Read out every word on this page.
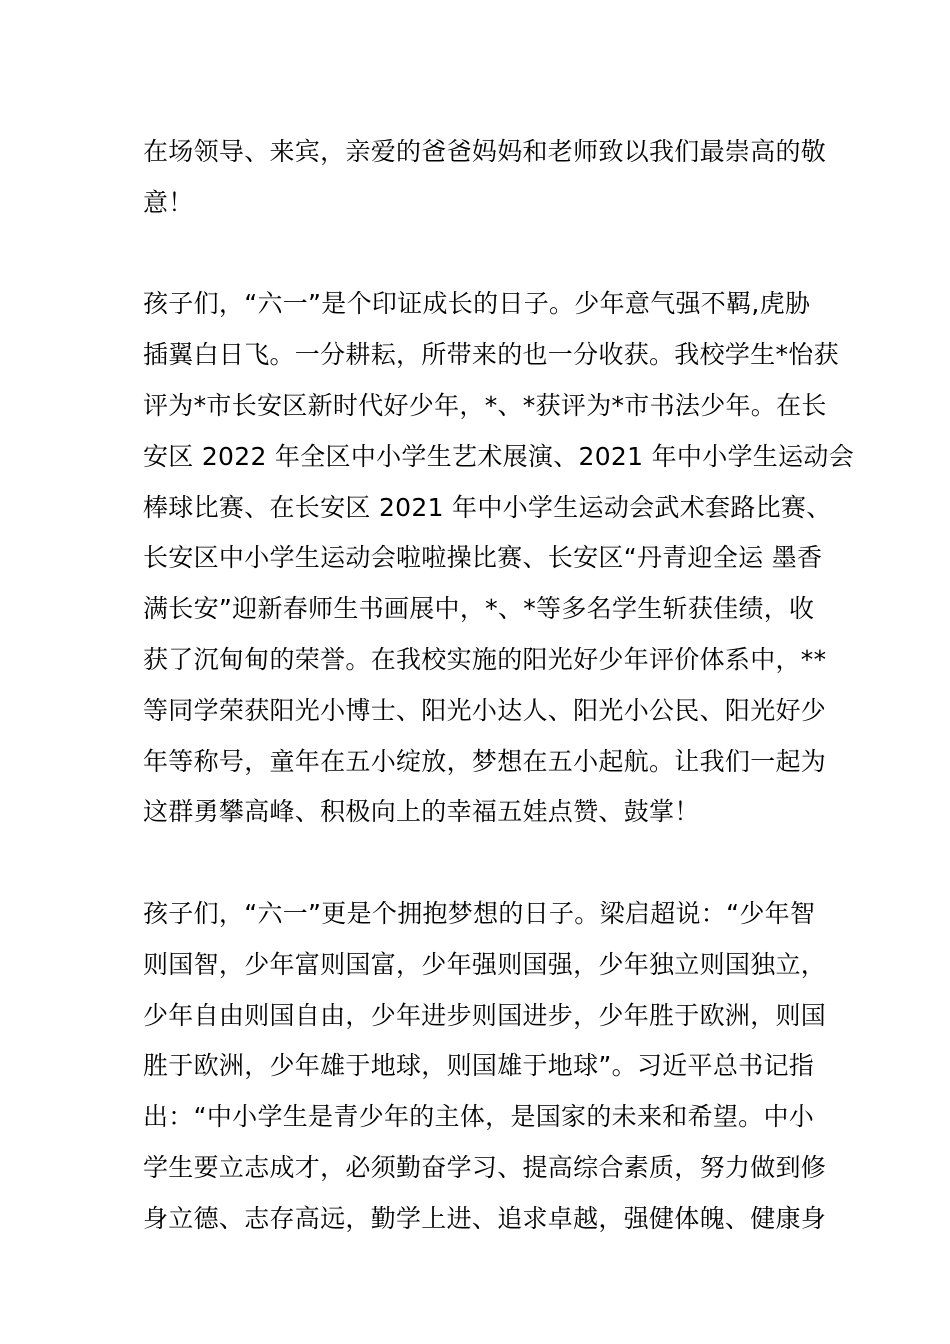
在场领导、来宾，亲爱的爸爸妈妈和老师致以我们最崇高的敬
意！
孩子们，“六一”是个印证成长的日子。少年意气强不羁,虎胁
插翼白日飞。一分耕耘，所带来的也一分收获。我校学生*怡获
评为*市长安区新时代好少年，*、*获评为*市书法少年。在长
安区 2022 年全区中小学生艺术展演、2021 年中小学生运动会
棒球比赛、在长安区 2021 年中小学生运动会武术套路比赛、
长安区中小学生运动会啦啦操比赛、长安区“丹青迎全运 墨香
满长安”迎新春师生书画展中，*、*等多名学生斩获佳绩，收
获了沉甸甸的荣誉。在我校实施的阳光好少年评价体系中，**
等同学荣获阳光小博士、阳光小达人、阳光小公民、阳光好少
年等称号，童年在五小绽放，梦想在五小起航。让我们一起为
这群勇攀高峰、积极向上的幸福五娃点赞、鼓掌！
孩子们，“六一”更是个拥抱梦想的日子。梁启超说：“少年智
则国智，少年富则国富，少年强则国强，少年独立则国独立，
少年自由则国自由，少年进步则国进步，少年胜于欧洲，则国
胜于欧洲，少年雄于地球，则国雄于地球”。习近平总书记指
出：“中小学生是青少年的主体，是国家的未来和希望。中小
学生要立志成才，必须勤奋学习、提高综合素质，努力做到修
身立德、志存高远，勤学上进、追求卓越，强健体魄、健康身
